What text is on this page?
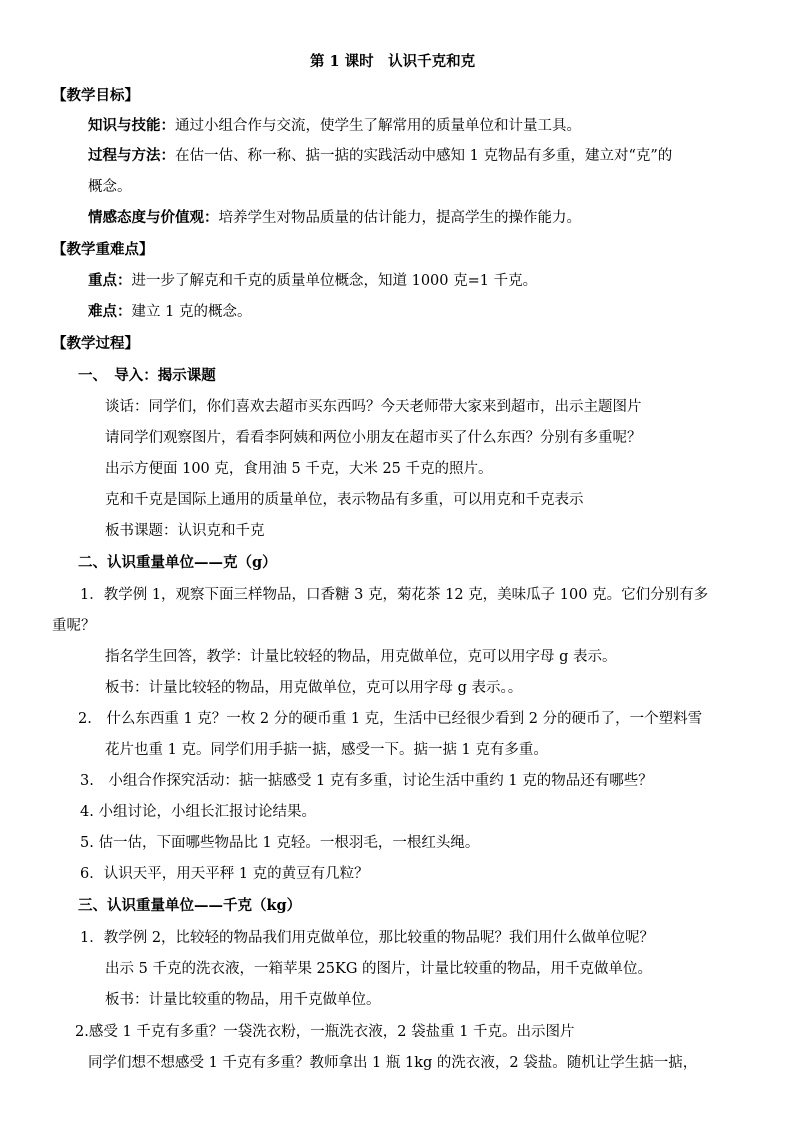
第 1 课时　认识千克和克
【教学目标】
知识与技能：通过小组合作与交流，使学生了解常用的质量单位和计量工具。
过程与方法：在估一估、称一称、掂一掂的实践活动中感知 1 克物品有多重，建立对“克”的
概念。
情感态度与价值观：培养学生对物品质量的估计能力，提高学生的操作能力。
【教学重难点】
重点：进一步了解克和千克的质量单位概念，知道 1000 克=1 千克。
难点：建立 1 克的概念。
【教学过程】
一、　导入：揭示课题
谈话：同学们，你们喜欢去超市买东西吗？今天老师带大家来到超市，出示主题图片
请同学们观察图片，看看李阿姨和两位小朋友在超市买了什么东西？分别有多重呢？
出示方便面 100 克，食用油 5 千克，大米 25 千克的照片。
克和千克是国际上通用的质量单位，表示物品有多重，可以用克和千克表示
板书课题：认识克和千克
二、认识重量单位——克（g）
1．教学例 1，观察下面三样物品，口香糖 3 克，菊花茶 12 克，美味瓜子 100 克。它们分别有多
重呢？
指名学生回答，教学：计量比较轻的物品，用克做单位，克可以用字母 g 表示。
板书：计量比较轻的物品，用克做单位，克可以用字母 g 表示。。
2.　什么东西重 1 克？一枚 2 分的硬币重 1 克，生活中已经很少看到 2 分的硬币了，一个塑料雪
花片也重 1 克。同学们用手掂一掂，感受一下。掂一掂 1 克有多重。
3.　小组合作探究活动：掂一掂感受 1 克有多重，讨论生活中重约 1 克的物品还有哪些？
4. 小组讨论，小组长汇报讨论结果。
5. 估一估，下面哪些物品比 1 克轻。一根羽毛，一根红头绳。
6．认识天平，用天平秤 1 克的黄豆有几粒？
三、认识重量单位——千克（kg）
1．教学例 2，比较轻的物品我们用克做单位，那比较重的物品呢？我们用什么做单位呢？
出示 5 千克的洗衣液，一箱苹果 25KG 的图片，计量比较重的物品，用千克做单位。
板书：计量比较重的物品，用千克做单位。
2.感受 1 千克有多重？一袋洗衣粉，一瓶洗衣液，2 袋盐重 1 千克。出示图片
同学们想不想感受 1 千克有多重？教师拿出 1 瓶 1kg 的洗衣液，2 袋盐。随机让学生掂一掂，
